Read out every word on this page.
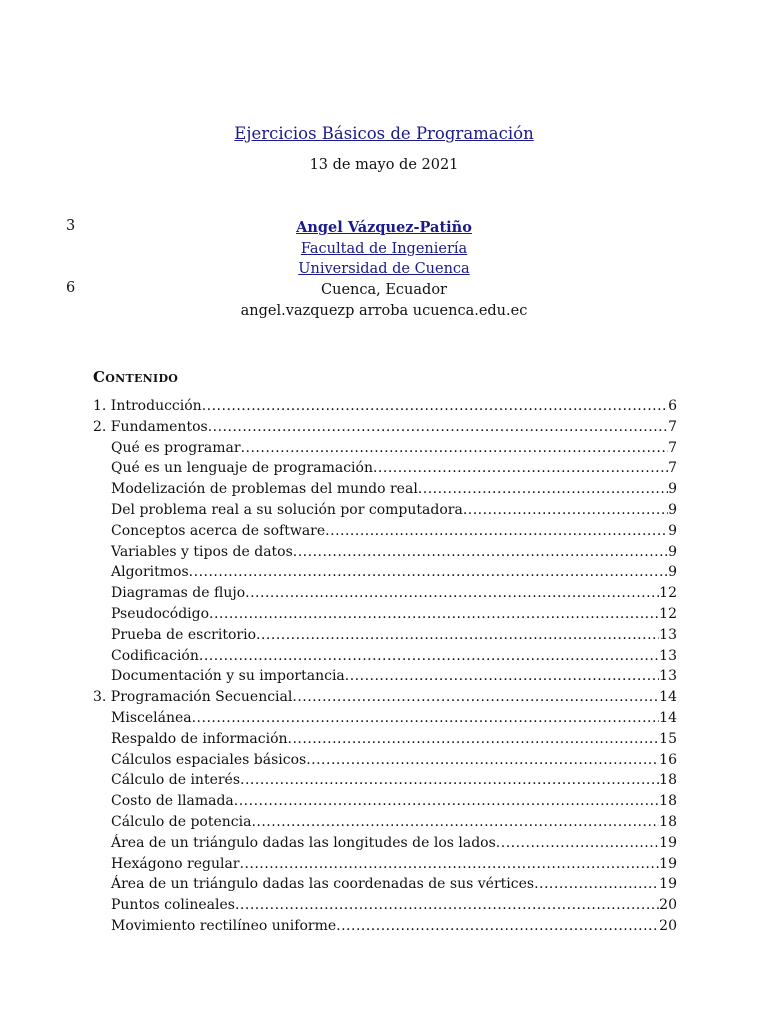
Ejercicios Básicos de Programación
13 de mayo de 2021
3
6
Angel Vázquez-Patiño
Facultad de Ingeniería
Universidad de Cuenca
Cuenca, Ecuador
angel.vazquezp arroba ucuenca.edu.ec
Contenido
1. Introducción .....	6
2. Fundamentos .....	7
Qué es programar .....	7
Qué es un lenguaje de programación .....	7
Modelización de problemas del mundo real .....	9
Del problema real a su solución por computadora .....	9
Conceptos acerca de software .....	9
Variables y tipos de datos .....	9
Algoritmos .....	9
Diagramas de flujo .....	12
Pseudocódigo .....	12
Prueba de escritorio .....	13
Codificación .....	13
Documentación y su importancia .....	13
3. Programación Secuencial .....	14
Miscelánea .....	14
Respaldo de información .....	15
Cálculos espaciales básicos .....	16
Cálculo de interés .....	18
Costo de llamada .....	18
Cálculo de potencia .....	18
Área de un triángulo dadas las longitudes de los lados .....	19
Hexágono regular .....	19
Área de un triángulo dadas las coordenadas de sus vértices .....	19
Puntos colineales .....	20
Movimiento rectilíneo uniforme .....	20
